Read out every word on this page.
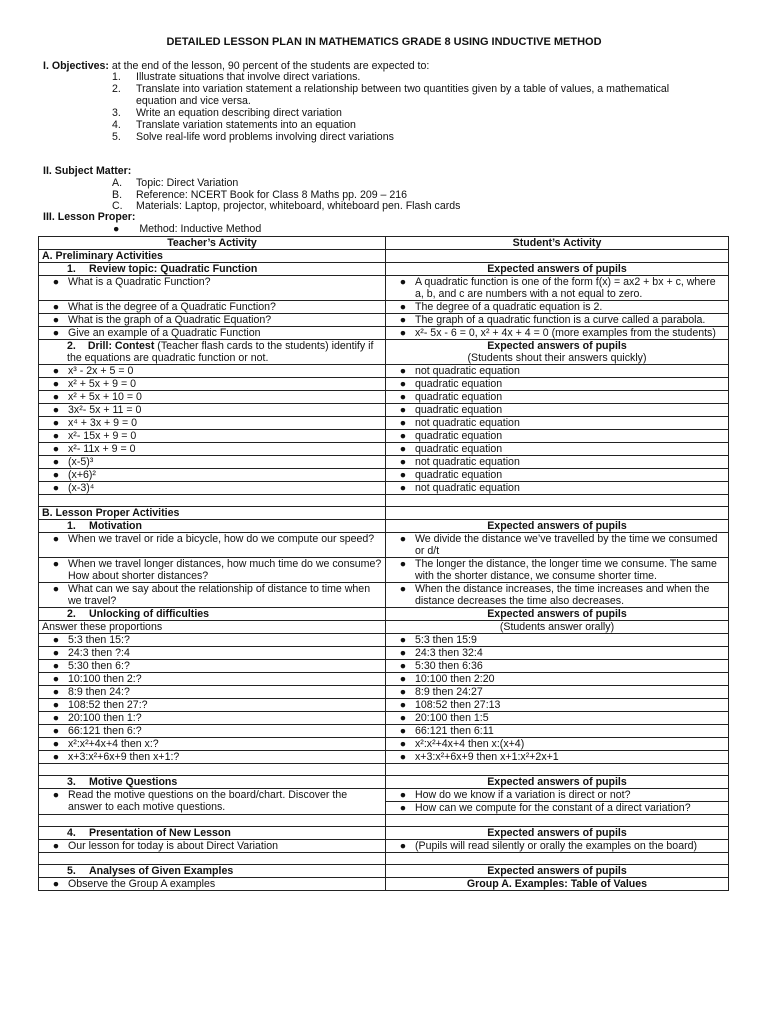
DETAILED LESSON PLAN IN MATHEMATICS GRADE 8 USING INDUCTIVE METHOD
I. Objectives: at the end of the lesson, 90 percent of the students are expected to:
1. Illustrate situations that involve direct variations.
2. Translate into variation statement a relationship between two quantities given by a table of values, a mathematical equation and vice versa.
3. Write an equation describing direct variation
4. Translate variation statements into an equation
5. Solve real-life word problems involving direct variations
II. Subject Matter:
A. Topic: Direct Variation
B. Reference: NCERT Book for Class 8 Maths pp. 209 – 216
C. Materials: Laptop, projector, whiteboard, whiteboard pen. Flash cards
III. Lesson Proper:
● Method: Inductive Method
Teacher’s Activity	Student’s Activity
A. Preliminary Activities	
1. Review topic: Quadratic Function	Expected answers of pupils

● What is a Quadratic Function?	● A quadratic function is one of the form f(x) = ax2 + bx + c, where a, b, and c are numbers with a not equal to zero.

● What is the degree of a Quadratic Function?	● The degree of a quadratic equation is 2.

● What is the graph of a Quadratic Equation?	● The graph of a quadratic function is a curve called a parabola.

● Give an example of a Quadratic Function	● x²- 5x - 6 = 0, x² + 4x + 4 = 0 (more examples from the students)

2. Drill: Contest (Teacher flash cards to the students) identify if the equations are quadratic function or not.	Expected answers of pupils
(Students shout their answers quickly)

● x³ - 2x + 5 = 0	● not quadratic equation

● x² + 5x + 9 = 0	● quadratic equation

● x² + 5x + 10 = 0	● quadratic equation

● 3x²- 5x + 11 = 0	● quadratic equation

● x⁴ + 3x + 9 = 0	● not quadratic equation

● x²- 15x + 9 = 0	● quadratic equation

● x²- 11x + 9 = 0	● quadratic equation

● (x-5)³	● not quadratic equation

● (x+6)²	● quadratic equation

● (x-3)⁴	● not quadratic equation

B. Lesson Proper Activities	
1. Motivation	Expected answers of pupils

● When we travel or ride a bicycle, how do we compute our speed?	● We divide the distance we’ve travelled by the time we consumed or d/t

● When we travel longer distances, how much time do we consume? How about shorter distances?	● The longer the distance, the longer time we consume. The same with the shorter distance, we consume shorter time.

● What can we say about the relationship of distance to time when we travel?	● When the distance increases, the time increases and when the distance decreases the time also decreases.

2. Unlocking of difficulties	Expected answers of pupils
Answer these proportions	(Students answer orally)

● 5:3 then 15:?	● 5:3 then 15:9

● 24:3 then ?:4	● 24:3 then 32:4

● 5:30 then 6:?	● 5:30 then 6:36

● 10:100 then 2:?	● 10:100 then 2:20

● 8:9 then 24:?	● 8:9 then 24:27

● 108:52 then 27:?	● 108:52 then 27:13

● 20:100 then 1:?	● 20:100 then 1:5

● 66:121 then 6:?	● 66:121 then 6:11

● x²:x²+4x+4 then x:?	● x²:x²+4x+4 then x:(x+4)

● x+3:x²+6x+9 then x+1:?	● x+3:x²+6x+9 then x+1:x²+2x+1

3. Motive Questions	Expected answers of pupils

● Read the motive questions on the board/chart. Discover the answer to each motive questions.	● How do we know if a variation is direct or not?

	● How can we compute for the constant of a direct variation?

4. Presentation of New Lesson	Expected answers of pupils

● Our lesson for today is about Direct Variation	● (Pupils will read silently or orally the examples on the board)

5. Analyses of Given Examples	Expected answers of pupils

● Observe the Group A examples	Group A. Examples: Table of Values
